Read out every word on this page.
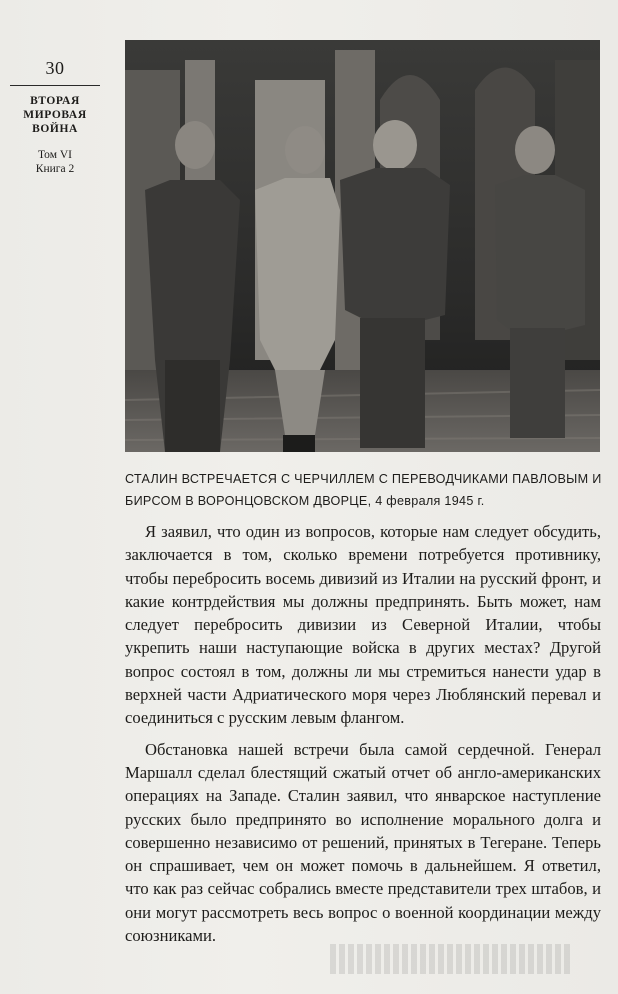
30
ВТОРАЯ
МИРОВАЯ
ВОЙНА
Том VI
Книга 2
СТАЛИН ВСТРЕЧАЕТСЯ С ЧЕРЧИЛЛЕМ С ПЕРЕВОДЧИКАМИ ПАВЛОВЫМ И БИРСОМ В ВОРОНЦОВСКОМ ДВОРЦЕ, 4 февраля 1945 г.

Я заявил, что один из вопросов, которые нам следует обсудить, заключается в том, сколько времени потребуется противнику, чтобы перебросить восемь дивизий из Италии на русский фронт, и какие контрдействия мы должны предпринять. Быть может, нам следует перебросить дивизии из Северной Италии, чтобы укрепить наши наступающие войска в других местах? Другой вопрос состоял в том, должны ли мы стремиться нанести удар в верхней части Адриатического моря через Люблянский перевал и соединиться с русским левым флангом.

Обстановка нашей встречи была самой сердечной. Генерал Маршалл сделал блестящий сжатый отчет об англо-американских операциях на Западе. Сталин заявил, что январское наступление русских было предпринято во исполнение морального долга и совершенно независимо от решений, принятых в Тегеране. Теперь он спрашивает, чем он может помочь в дальнейшем. Я ответил, что как раз сейчас собрались вместе представители трех штабов, и они могут рассмотреть весь вопрос о военной координации между союзниками.
